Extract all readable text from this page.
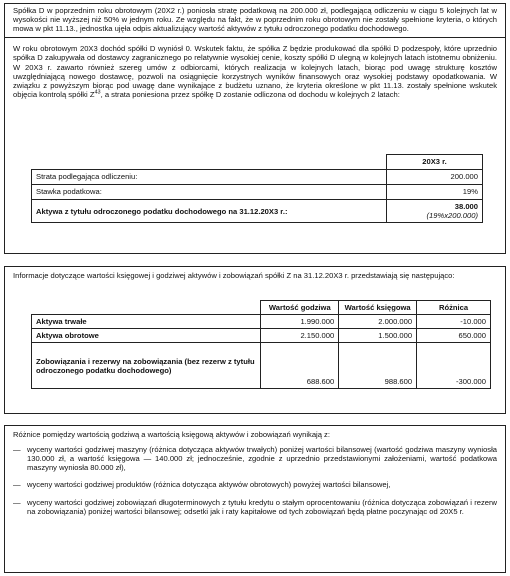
Spółka D w poprzednim roku obrotowym (20X2 r.) poniosła stratę podatkową na 200.000 zł, podlegającą odliczeniu w ciągu 5 kolejnych lat w wysokości nie wyższej niż 50% w jednym roku. Ze względu na fakt, że w poprzednim roku obrotowym nie zostały spełnione kryteria, o których mowa w pkt 11.13., jednostka ujęła odpis aktualizujący wartość aktywów z tytułu odroczonego podatku dochodowego.

W roku obrotowym 20X3 dochód spółki D wyniósł 0. Wskutek faktu, że spółka Z będzie produkować dla spółki D podzespoły, które uprzednio spółka D zakupywała od dostawcy zagranicznego po relatywnie wysokiej cenie, koszty spółki D ulegną w kolejnych latach istotnemu obniżeniu. W 20X3 r. zawarto również szereg umów z odbiorcami, których realizacja w kolejnych latach, biorąc pod uwagę strukturę kosztów uwzględniającą nowego dostawcę, pozwoli na osiągnięcie korzystnych wyników finansowych oraz wysokiej podstawy opodatkowania. W związku z powyższym biorąc pod uwagę dane wynikające z budżetu uznano, że kryteria określone w pkt 11.13. zostały spełnione wskutek objęcia kontrolą spółki $Z^{43}$, a strata poniesiona przez spółkę D zostanie odliczona od dochodu w kolejnych 2 latach:

	20X3 r.
Strata podlegająca odliczeniu:	200.000
Stawka podatkowa:	19%
Aktywa z tytułu odroczonego podatku dochodowego na 31.12.20X3 r.:	38.000
(19%x200.000)

Informacje dotyczące wartości księgowej i godziwej aktywów i zobowiązań spółki Z na 31.12.20X3 r. przedstawiają się następująco:

	Wartość godziwa	Wartość księgowa	Różnica
Aktywa trwałe	1.990.000	2.000.000	-10.000
Aktywa obrotowe	2.150.000	1.500.000	650.000
Zobowiązania i rezerwy na zobowiązania (bez rezerw z tytułu odroczonego podatku dochodowego)	688.600	988.600	-300.000

Różnice pomiędzy wartością godziwą a wartością księgową aktywów i zobowiązań wynikają z:

— wyceny wartości godziwej maszyny (różnica dotycząca aktywów trwałych) poniżej wartości bilansowej (wartość godziwa maszyny wyniosła 130.000 zł, a wartość księgowa — 140.000 zł; jednocześnie, zgodnie z uprzednio przedstawionymi założeniami, wartość podatkowa maszyny wyniosła 80.000 zł),
— wyceny wartości godziwej produktów (różnica dotycząca aktywów obrotowych) powyżej wartości bilansowej,
— wyceny wartości godziwej zobowiązań długoterminowych z tytułu kredytu o stałym oprocentowaniu (różnica dotycząca zobowiązań i rezerw na zobowiązania) poniżej wartości bilansowej; odsetki jak i raty kapitałowe od tych zobowiązań będą płatne poczynając od 20X5 r.
